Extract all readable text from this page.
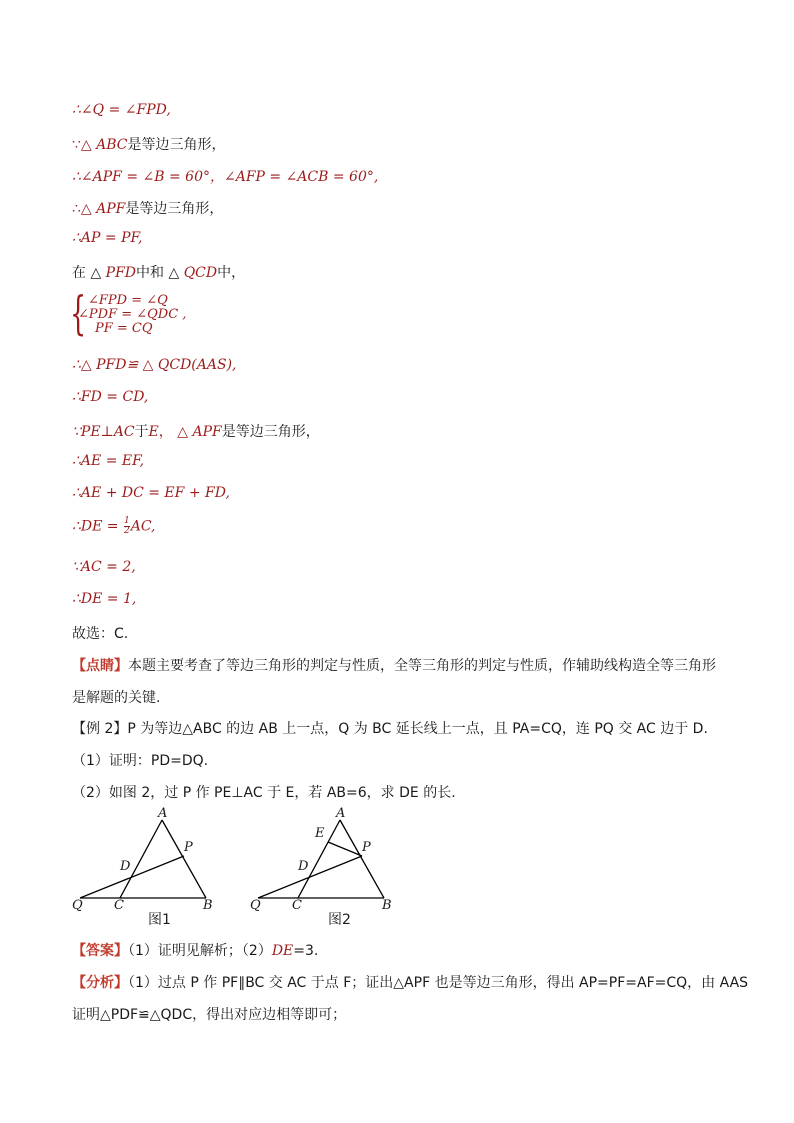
∴∠Q = ∠FPD,
∵△ ABC是等边三角形，
∴∠APF = ∠B = 60°，∠AFP = ∠ACB = 60°,
∴△ APF是等边三角形，
∴AP = PF,
在 △ PFD中和 △ QCD中，
{ ∠FPD = ∠Q
∠PDF = ∠QDC ,
PF = CQ
∴△ PFD≌ △ QCD(AAS),
∴FD = CD,
∵PE⊥AC于E， △ APF是等边三角形，
∴AE = EF,
∴AE + DC = EF + FD,
∴DE = $\frac{1}{2}$ AC,
∵AC = 2,
∴DE = 1,
故选：C.
【点睛】本题主要考查了等边三角形的判定与性质，全等三角形的判定与性质，作辅助线构造全等三角形
是解题的关键.
【例 2】P 为等边△ABC 的边 AB 上一点，Q 为 BC 延长线上一点，且 PA=CQ，连 PQ 交 AC 边于 D.
（1）证明：PD=DQ.
（2）如图 2，过 P 作 PE⊥AC 于 E，若 AB=6，求 DE 的长.
A
P
D
Q C	B
图1
A
E
P
D
Q C	B
图2
【答案】（1）证明见解析；（2）DE=3.
【分析】（1）过点 P 作 PF∥BC 交 AC 于点 F；证出△APF 也是等边三角形，得出 AP=PF=AF=CQ，由 AAS
证明△PDF≌△QDC，得出对应边相等即可；
